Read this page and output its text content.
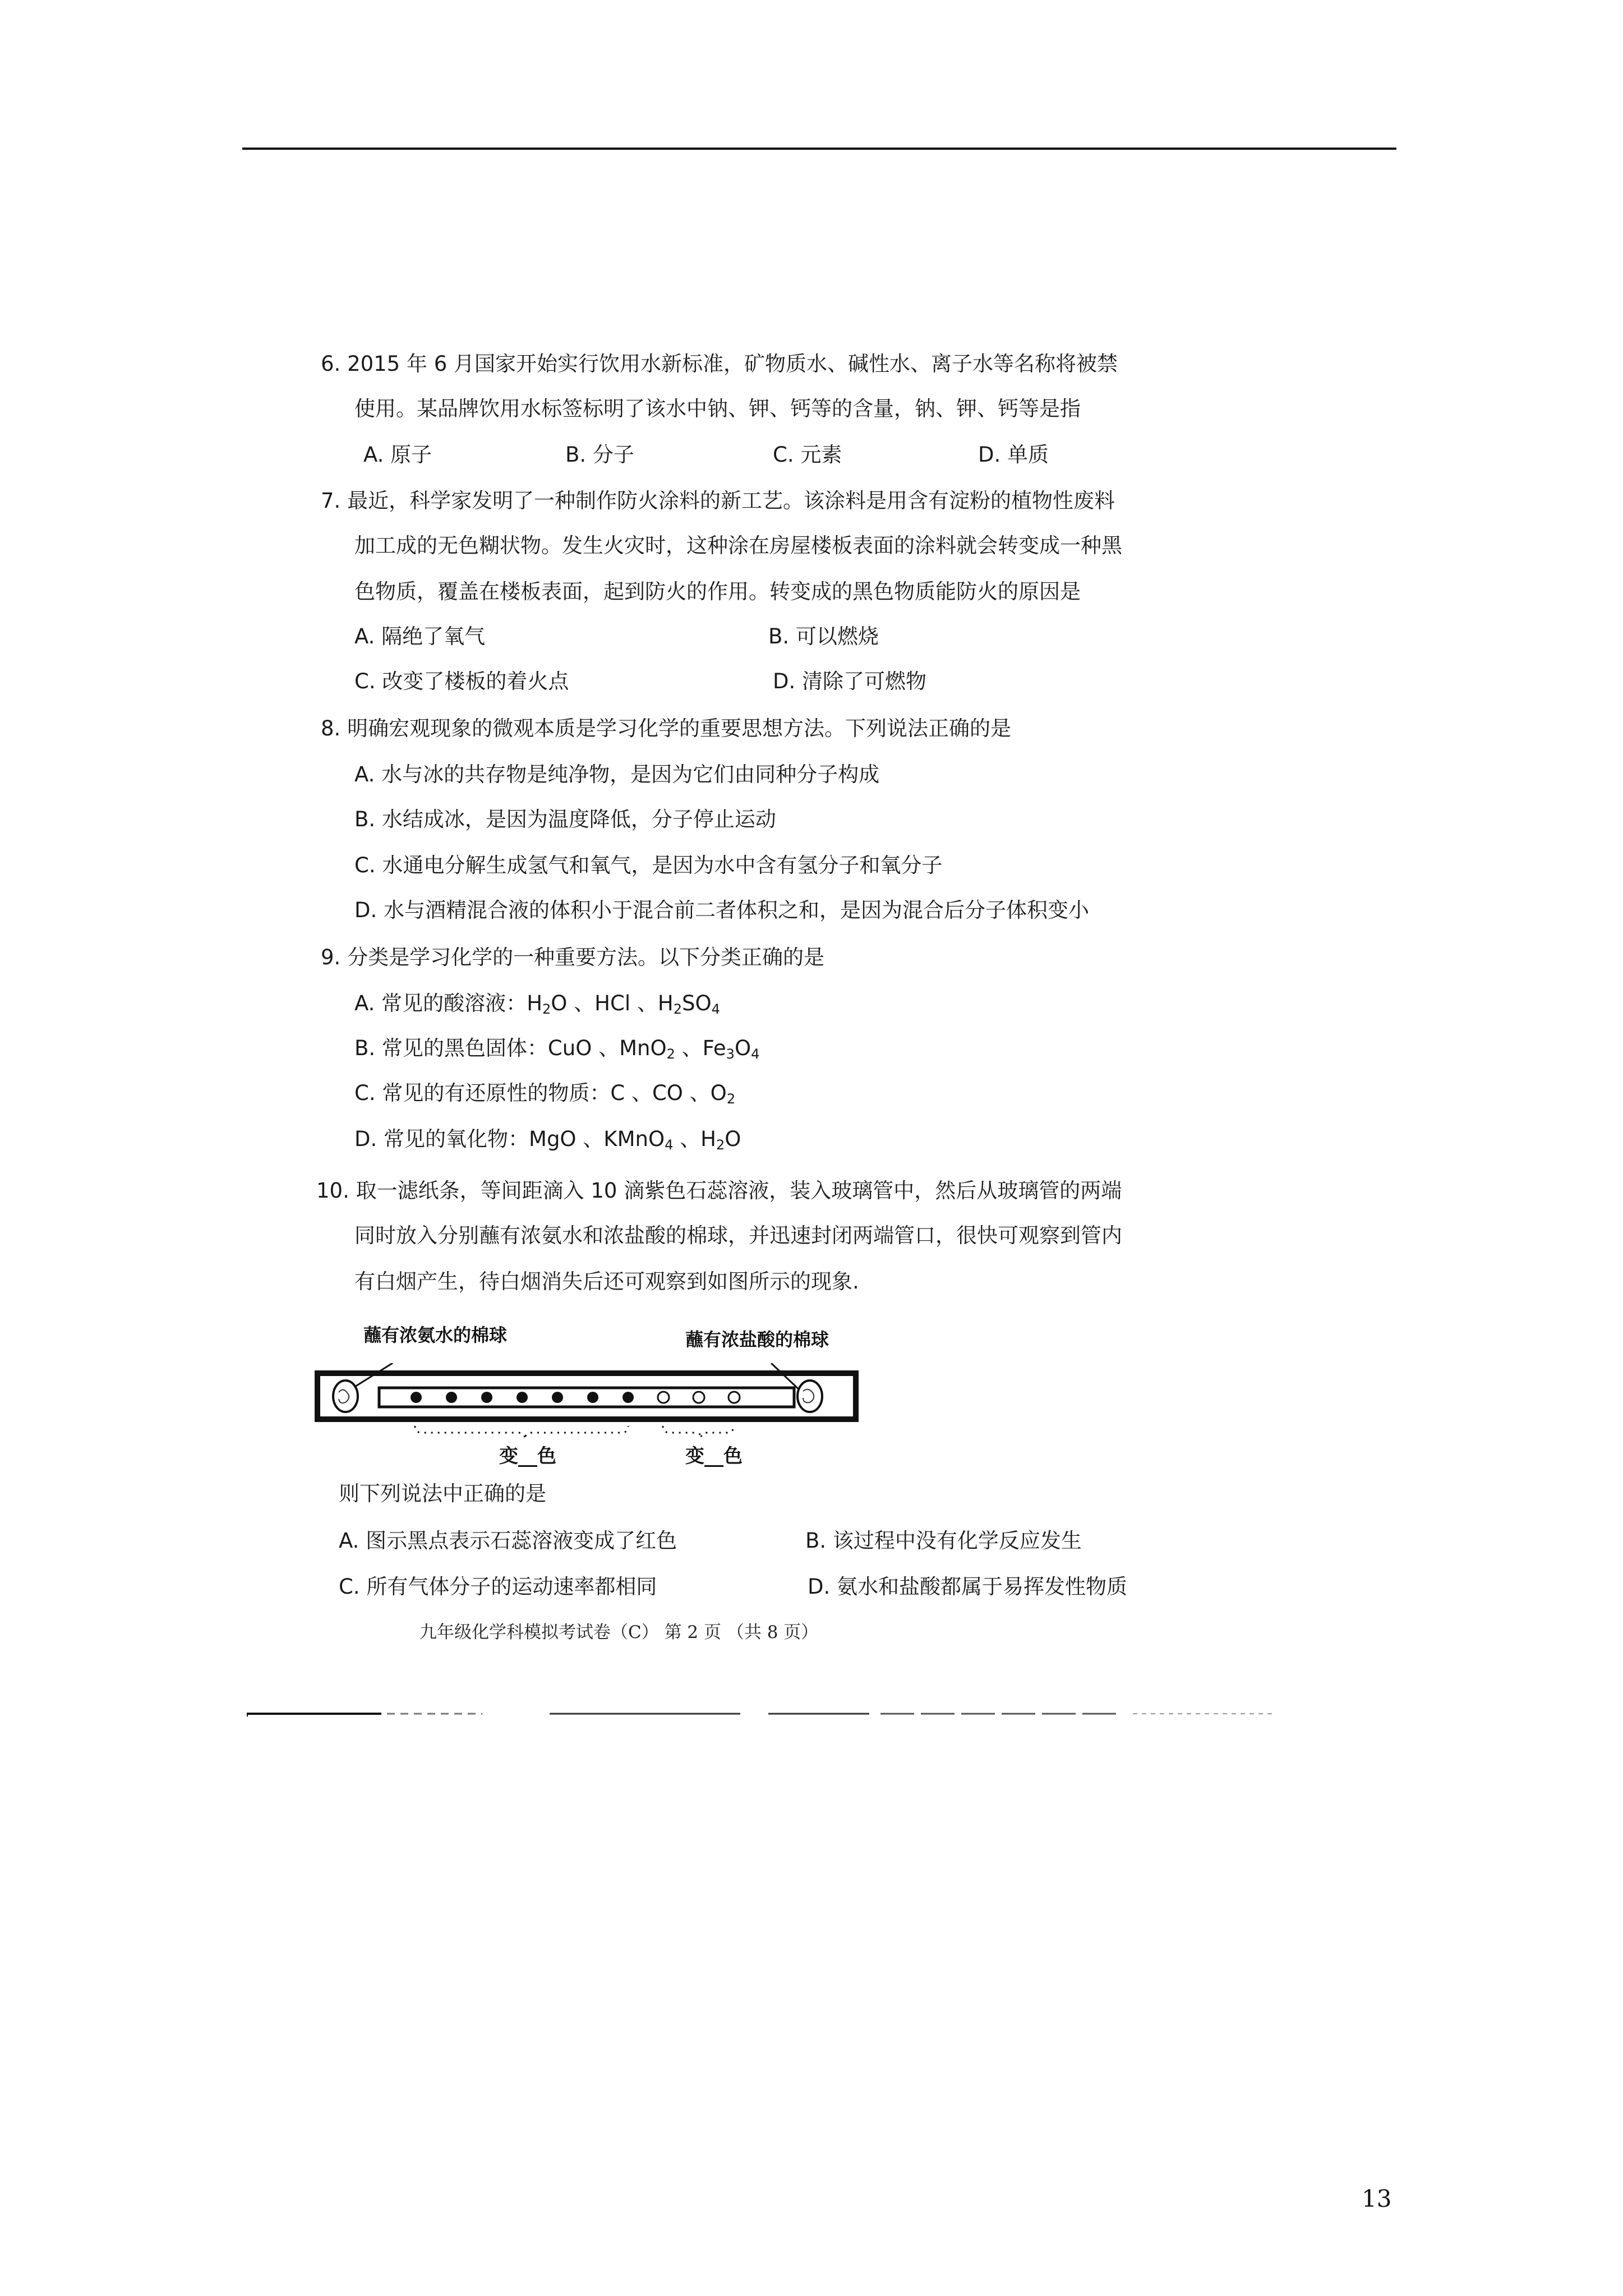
6. 2015 年 6 月国家开始实行饮用水新标准，矿物质水、碱性水、离子水等名称将被禁
使用。某品牌饮用水标签标明了该水中钠、钾、钙等的含量，钠、钾、钙等是指
A. 原子	B. 分子	C. 元素	D. 单质
7. 最近，科学家发明了一种制作防火涂料的新工艺。该涂料是用含有淀粉的植物性废料
加工成的无色糊状物。发生火灾时，这种涂在房屋楼板表面的涂料就会转变成一种黑
色物质，覆盖在楼板表面，起到防火的作用。转变成的黑色物质能防火的原因是
A. 隔绝了氧气	B. 可以燃烧
C. 改变了楼板的着火点	D. 清除了可燃物
8. 明确宏观现象的微观本质是学习化学的重要思想方法。下列说法正确的是
A. 水与冰的共存物是纯净物，是因为它们由同种分子构成
B. 水结成冰，是因为温度降低，分子停止运动
C. 水通电分解生成氢气和氧气，是因为水中含有氢分子和氧分子
D. 水与酒精混合液的体积小于混合前二者体积之和，是因为混合后分子体积变小
9. 分类是学习化学的一种重要方法。以下分类正确的是
A. 常见的酸溶液：$H_2O$ 、HCl 、$H_2SO_4$
B. 常见的黑色固体：CuO 、MnO$_2$ 、$Fe_3O_4$
C. 常见的有还原性的物质：C 、CO 、$O_2$
D. 常见的氧化物：MgO 、KMnO$_4$ 、$H_2O$
10. 取一滤纸条，等间距滴入 10 滴紫色石蕊溶液，装入玻璃管中，然后从玻璃管的两端
同时放入分别蘸有浓氨水和浓盐酸的棉球，并迅速封闭两端管口，很快可观察到管内
有白烟产生，待白烟消失后还可观察到如图所示的现象.
蘸有浓氨水的棉球	蘸有浓盐酸的棉球
变__色	变__色
则下列说法中正确的是
A. 图示黑点表示石蕊溶液变成了红色	B. 该过程中没有化学反应发生
C. 所有气体分子的运动速率都相同	D. 氨水和盐酸都属于易挥发性物质
九年级化学科模拟考试卷（C） 第 2 页 （共 8 页）
13
